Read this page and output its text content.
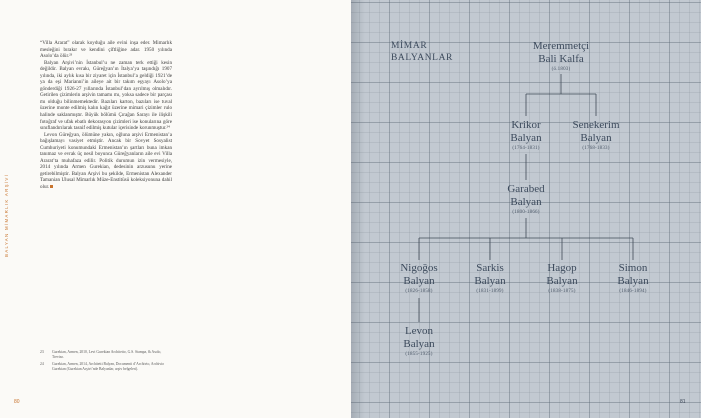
BALYAN MİMARLIK ARŞİVİ

“Villa Ararat” olarak koyduğu aile evini inşa eder. Mimarlık mesleğini bırakır ve kendini çiftliğine adar. 1950 yılında Asolo’da ölür.²³

Balyan Arşivi’nin İstanbul’u ne zaman terk ettiği kesin değildir. Balyan evrakı, Güreğyan’ın İtalya’ya taşındığı 1907 yılında, iki aylık kısa bir ziyaret için İstanbul’a geldiği 1921’de ya da eşi Marianni’in aileye ait bir takım eşyayı Asolo’ya gönderdiği 1926-27 yıllarında İstanbul’dan ayrılmış olmalıdır. Getirilen çizimlerin arşivin tamamı mı, yoksa sadece bir parçası mı olduğu bilinmemektedir. Bazıları karton, bazıları ise tuval üzerine monte edilmiş kalın kağıt üzerine mimari çizimler rulo halinde saklanmıştır. Büyük bölümü Çırağan Sarayı ile ilişkili fotoğraf ve ufak ebatlı dekorasyon çizimleri ise konularına göre sınıflandırılarak tasnif edilmiş kutular içerisinde korunmuştur.²⁴

Levon Güreğyan, ölümüne yakın, oğluna arşivi Ermenistan’a bağışlamayı vasiyet etmiştir. Ancak bir Sovyet Sosyalist Cumhuriyeti konumundaki Ermenistan’ın şartları buna imkan tanımaz ve evrak üç nesil boyunca Güreğyanların aile evi Villa Ararat’ta muhafaza edilir. Politik durumun izin vermesiyle, 2014 yılında Armen Gurekian, dedesinin arzusunu yerine getirebilmiştir. Balyan Arşivi bu şekilde, Ermenistan Alexander Tamanian Ulusal Mimarlık Müze-Enstitüsü koleksiyonuna dahil olur.

23	Gurekian, Armen, 2010, Levi Gurekian Architetto, G.S. Stampa, & Asolo, Treviso.
24	Gurekian, Armen, 2014, Architetti Balyan, Documenti d’Archivio, Archivio Gurekian (Gurekian Arşivi’nde Balyanlar, arşiv belgeleri).
80
MİMAR
BALYANLAR
Meremmetçi
Bali Kalfa
(ö.1803)
Krikor
Balyan
(1764-1831)
Senekerim
Balyan
(1768-1833)
Garabed
Balyan
(1800-1866)
Nigoğos
Balyan
(1826-1858)
Sarkis
Balyan
(1831-1899)
Hagop
Balyan
(1838-1875)
Simon
Balyan
(1846-1894)
Levon
Balyan
(1855-1925)
81
